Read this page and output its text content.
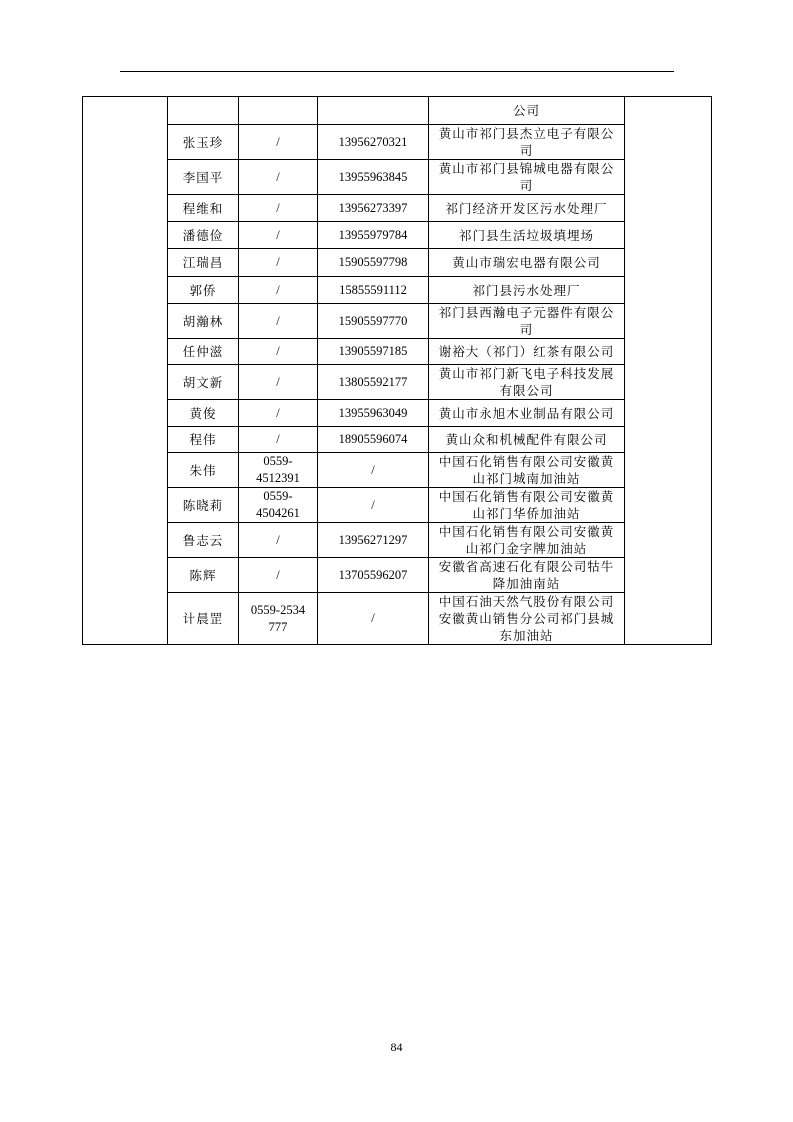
				公司	

	张玉珍	/	13956270321	黄山市祁门县杰立电子有限公
司	

	李国平	/	13955963845	黄山市祁门县锦城电器有限公
司	

	程维和	/	13956273397	祁门经济开发区污水处理厂	

	潘德俭	/	13955979784	祁门县生活垃圾填埋场	

	江瑞昌	/	15905597798	黄山市瑞宏电器有限公司	

	郭侨	/	15855591112	祁门县污水处理厂	

	胡瀚林	/	15905597770	祁门县西瀚电子元器件有限公
司	

	任仲滋	/	13905597185	谢裕大（祁门）红茶有限公司	

	胡文新	/	13805592177	黄山市祁门新飞电子科技发展
有限公司	

	黄俊	/	13955963049	黄山市永旭木业制品有限公司	

	程伟	/	18905596074	黄山众和机械配件有限公司	

	朱伟	0559-
4512391	/	中国石化销售有限公司安徽黄
山祁门城南加油站	

	陈晓莉	0559-
4504261	/	中国石化销售有限公司安徽黄
山祁门华侨加油站	

	鲁志云	/	13956271297	中国石化销售有限公司安徽黄
山祁门金字牌加油站	

	陈辉	/	13705596207	安徽省高速石化有限公司牯牛
降加油南站	

	计晨罡	0559-2534
777	/	中国石油天然气股份有限公司
安徽黄山销售分公司祁门县城
东加油站	
84
